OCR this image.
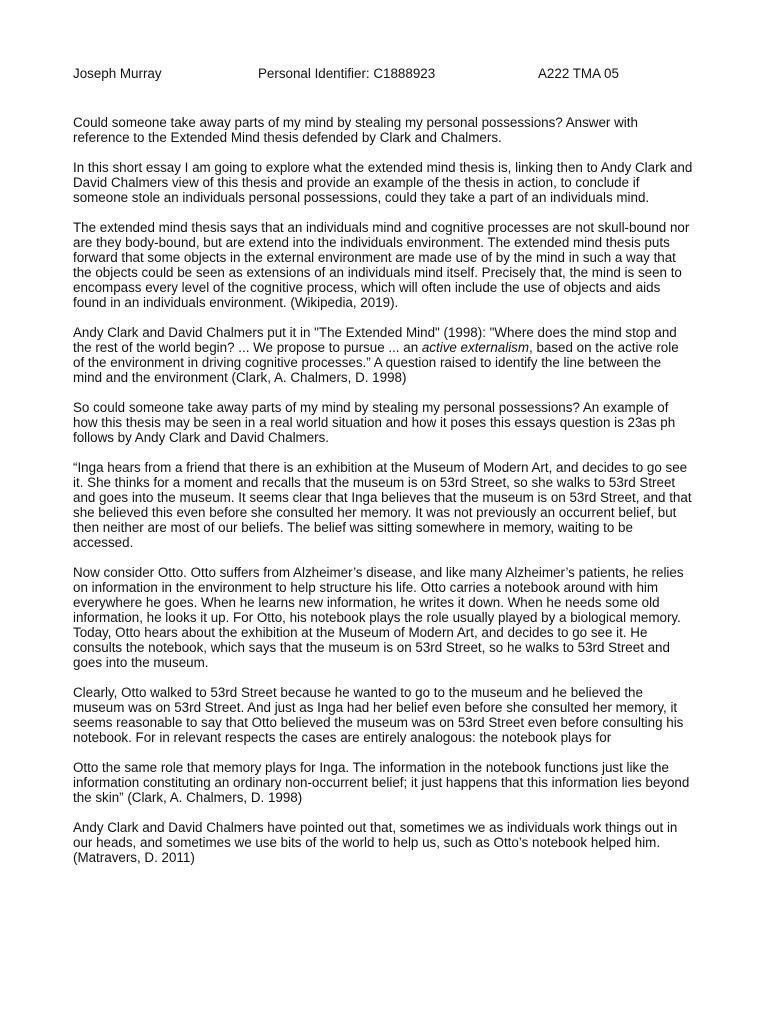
Joseph Murray	Personal Identifier: C1888923	A222 TMA 05

Could someone take away parts of my mind by stealing my personal possessions? Answer with reference to the Extended Mind thesis defended by Clark and Chalmers.

In this short essay I am going to explore what the extended mind thesis is, linking then to Andy Clark and David Chalmers view of this thesis and provide an example of the thesis in action, to conclude if someone stole an individuals personal possessions, could they take a part of an individuals mind.

The extended mind thesis says that an individuals mind and cognitive processes are not skull-bound nor are they body-bound, but are extend into the individuals environment. The extended mind thesis puts forward that some objects in the external environment are made use of by the mind in such a way that the objects could be seen as extensions of an individuals mind itself. Precisely that, the mind is seen to encompass every level of the cognitive process, which will often include the use of objects and aids found in an individuals environment. (Wikipedia, 2019).

Andy Clark and David Chalmers put it in "The Extended Mind" (1998): "Where does the mind stop and the rest of the world begin? ... We propose to pursue ... an active externalism, based on the active role of the environment in driving cognitive processes.” A question raised to identify the line between the mind and the environment (Clark, A. Chalmers, D. 1998)

So could someone take away parts of my mind by stealing my personal possessions? An example of how this thesis may be seen in a real world situation and how it poses this essays question is 23as ph follows by Andy Clark and David Chalmers.

“Inga hears from a friend that there is an exhibition at the Museum of Modern Art, and decides to go see it. She thinks for a moment and recalls that the museum is on 53rd Street, so she walks to 53rd Street and goes into the museum. It seems clear that Inga believes that the museum is on 53rd Street, and that she believed this even before she consulted her memory. It was not previously an occurrent belief, but then neither are most of our beliefs. The belief was sitting somewhere in memory, waiting to be accessed.

Now consider Otto. Otto suffers from Alzheimer’s disease, and like many Alzheimer’s patients, he relies on information in the environment to help structure his life. Otto carries a notebook around with him everywhere he goes. When he learns new information, he writes it down. When he needs some old information, he looks it up. For Otto, his notebook plays the role usually played by a biological memory. Today, Otto hears about the exhibition at the Museum of Modern Art, and decides to go see it. He consults the notebook, which says that the museum is on 53rd Street, so he walks to 53rd Street and goes into the museum.

Clearly, Otto walked to 53rd Street because he wanted to go to the museum and he believed the museum was on 53rd Street. And just as Inga had her belief even before she consulted her memory, it seems reasonable to say that Otto believed the museum was on 53rd Street even before consulting his notebook. For in relevant respects the cases are entirely analogous: the notebook plays for

Otto the same role that memory plays for Inga. The information in the notebook functions just like the information constituting an ordinary non-occurrent belief; it just happens that this information lies beyond the skin” (Clark, A. Chalmers, D. 1998)

Andy Clark and David Chalmers have pointed out that, sometimes we as individuals work things out in our heads, and sometimes we use bits of the world to help us, such as Otto’s notebook helped him. (Matravers, D. 2011)
